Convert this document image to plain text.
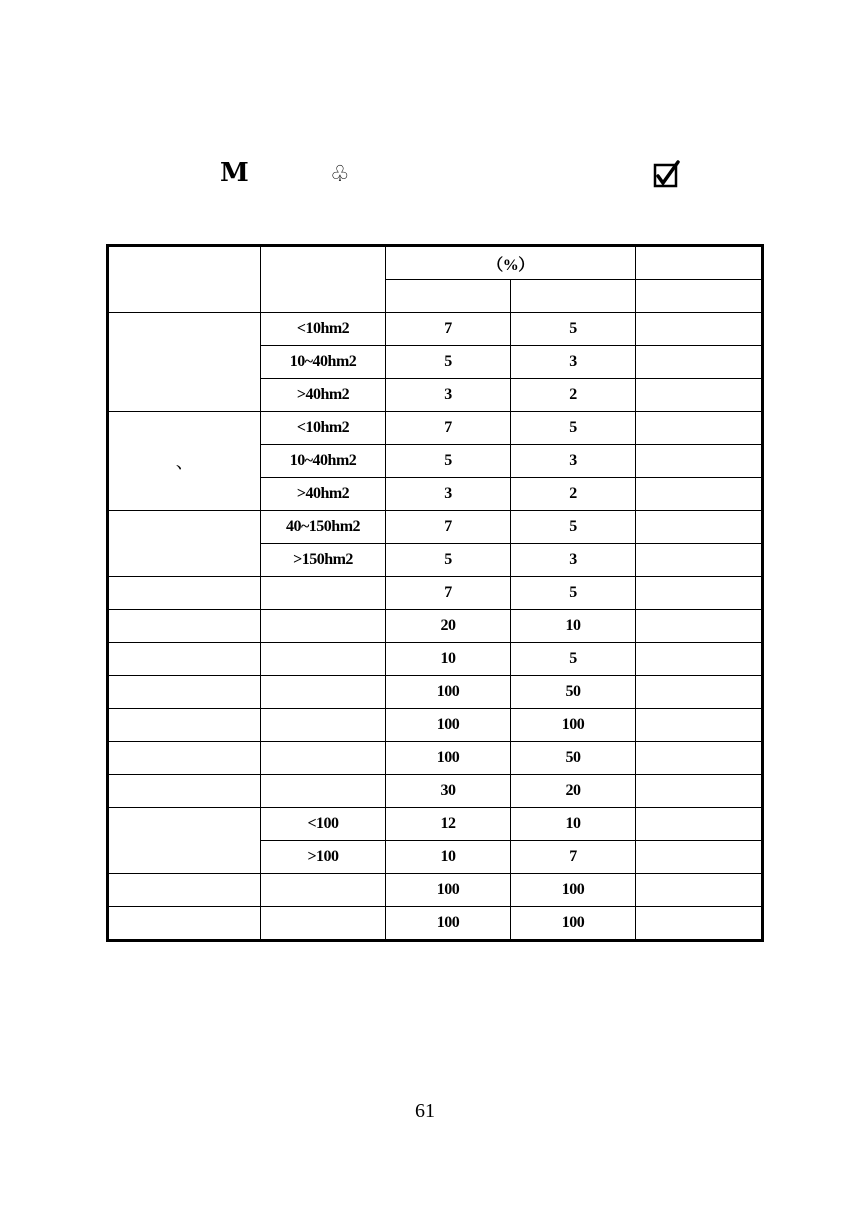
M	♧
		（%）		

	<10hm2	7	5	
	10~40hm2	5	3	
	>40hm2	3	2	
、	<10hm2	7	5	
	10~40hm2	5	3	
	>40hm2	3	2	
	40~150hm2	7	5	
	>150hm2	5	3	
		7	5	
		20	10	
		10	5	
		100	50	
		100	100	
		100	50	
		30	20	
	<100	12	10	
	>100	10	7	
		100	100	
		100	100	
61
